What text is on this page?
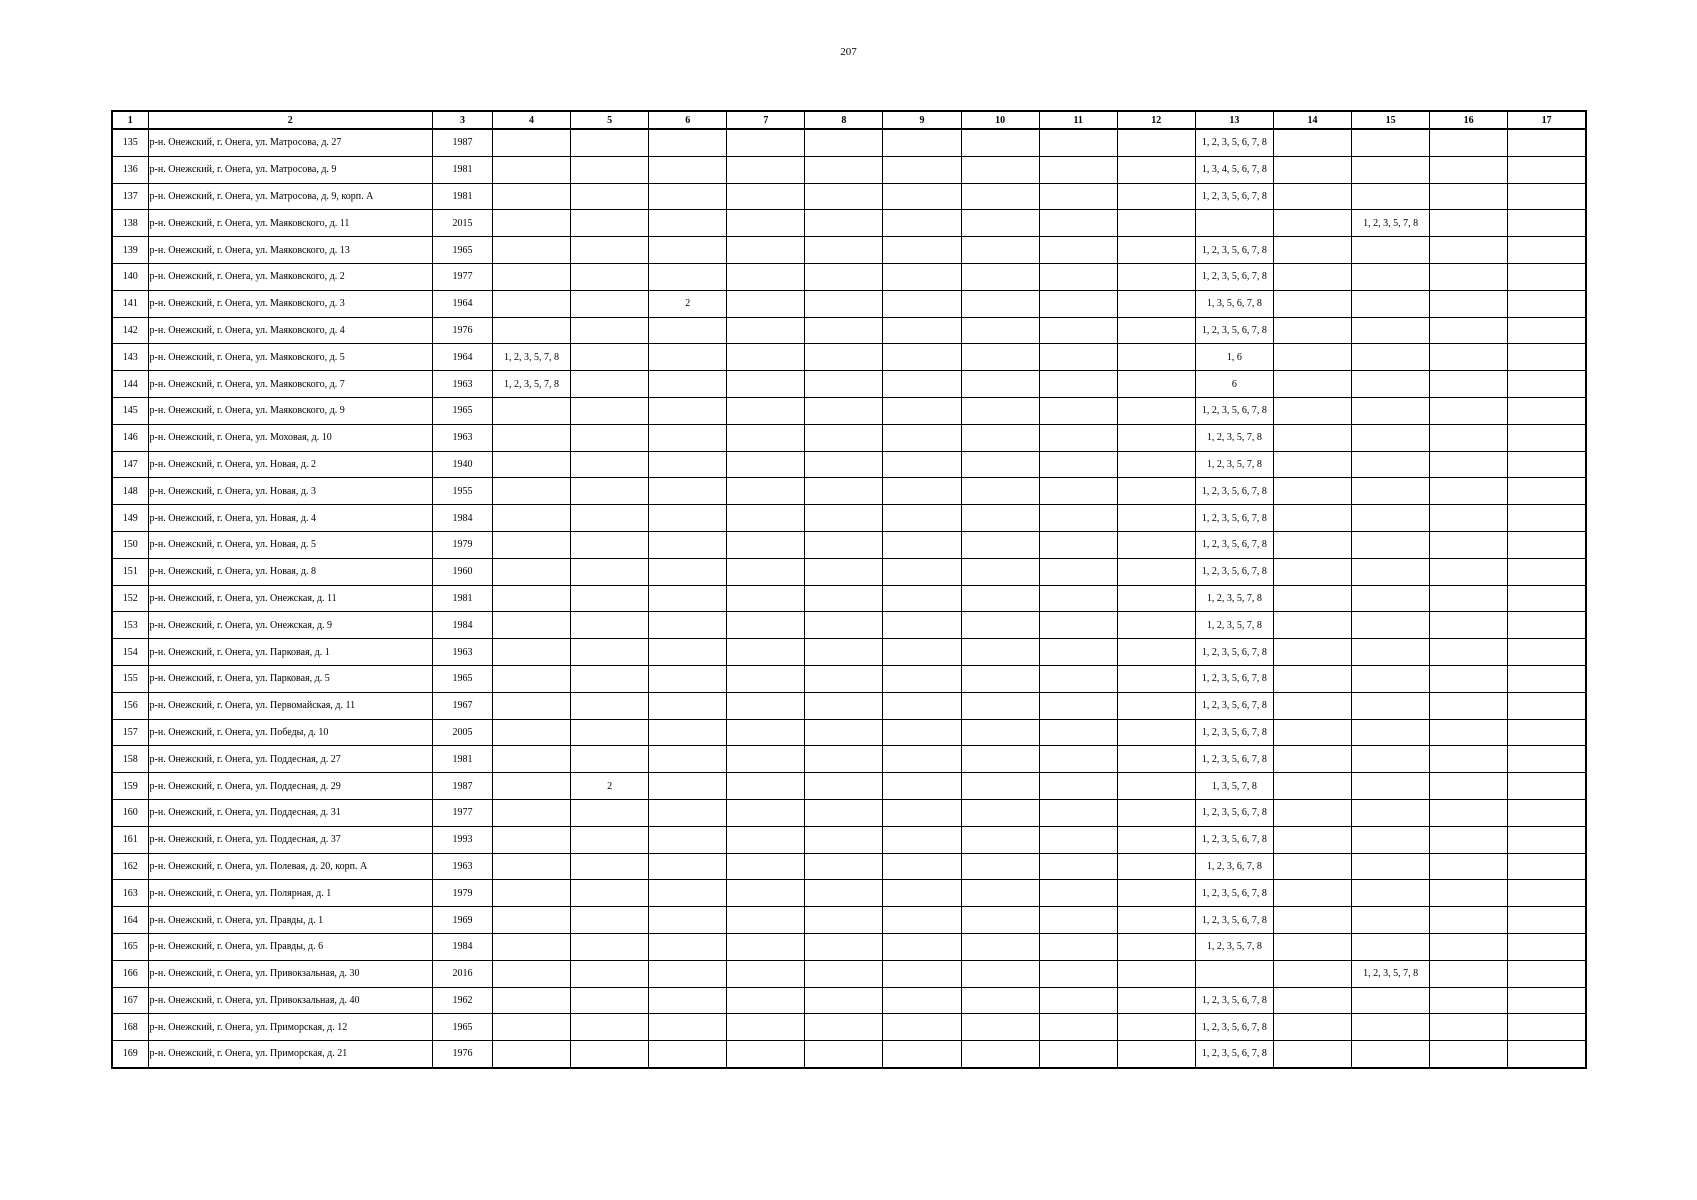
207
1	2	3	4	5	6	7	8	9	10	11	12	13	14	15	16	17
135	р-н. Онежский, г. Онега, ул. Матросова, д. 27	1987										1, 2, 3, 5, 6, 7, 8				
136	р-н. Онежский, г. Онега, ул. Матросова, д. 9	1981										1, 3, 4, 5, 6, 7, 8				
137	р-н. Онежский, г. Онега, ул. Матросова, д. 9, корп. А	1981										1, 2, 3, 5, 6, 7, 8				
138	р-н. Онежский, г. Онега, ул. Маяковского, д. 11	2015												1, 2, 3, 5, 7, 8		
139	р-н. Онежский, г. Онега, ул. Маяковского, д. 13	1965										1, 2, 3, 5, 6, 7, 8				
140	р-н. Онежский, г. Онега, ул. Маяковского, д. 2	1977										1, 2, 3, 5, 6, 7, 8				
141	р-н. Онежский, г. Онега, ул. Маяковского, д. 3	1964			2							1, 3, 5, 6, 7, 8				
142	р-н. Онежский, г. Онега, ул. Маяковского, д. 4	1976										1, 2, 3, 5, 6, 7, 8				
143	р-н. Онежский, г. Онега, ул. Маяковского, д. 5	1964	1, 2, 3, 5, 7, 8									1, 6				
144	р-н. Онежский, г. Онега, ул. Маяковского, д. 7	1963	1, 2, 3, 5, 7, 8									6				
145	р-н. Онежский, г. Онега, ул. Маяковского, д. 9	1965										1, 2, 3, 5, 6, 7, 8				
146	р-н. Онежский, г. Онега, ул. Моховая, д. 10	1963										1, 2, 3, 5, 7, 8				
147	р-н. Онежский, г. Онега, ул. Новая, д. 2	1940										1, 2, 3, 5, 7, 8				
148	р-н. Онежский, г. Онега, ул. Новая, д. 3	1955										1, 2, 3, 5, 6, 7, 8				
149	р-н. Онежский, г. Онега, ул. Новая, д. 4	1984										1, 2, 3, 5, 6, 7, 8				
150	р-н. Онежский, г. Онега, ул. Новая, д. 5	1979										1, 2, 3, 5, 6, 7, 8				
151	р-н. Онежский, г. Онега, ул. Новая, д. 8	1960										1, 2, 3, 5, 6, 7, 8				
152	р-н. Онежский, г. Онега, ул. Онежская, д. 11	1981										1, 2, 3, 5, 7, 8				
153	р-н. Онежский, г. Онега, ул. Онежская, д. 9	1984										1, 2, 3, 5, 7, 8				
154	р-н. Онежский, г. Онега, ул. Парковая, д. 1	1963										1, 2, 3, 5, 6, 7, 8				
155	р-н. Онежский, г. Онега, ул. Парковая, д. 5	1965										1, 2, 3, 5, 6, 7, 8				
156	р-н. Онежский, г. Онега, ул. Первомайская, д. 11	1967										1, 2, 3, 5, 6, 7, 8				
157	р-н. Онежский, г. Онега, ул. Победы, д. 10	2005										1, 2, 3, 5, 6, 7, 8				
158	р-н. Онежский, г. Онега, ул. Поддесная, д. 27	1981										1, 2, 3, 5, 6, 7, 8				
159	р-н. Онежский, г. Онега, ул. Поддесная, д. 29	1987		2								1, 3, 5, 7, 8				
160	р-н. Онежский, г. Онега, ул. Поддесная, д. 31	1977										1, 2, 3, 5, 6, 7, 8				
161	р-н. Онежский, г. Онега, ул. Поддесная, д. 37	1993										1, 2, 3, 5, 6, 7, 8				
162	р-н. Онежский, г. Онега, ул. Полевая, д. 20, корп. А	1963										1, 2, 3, 6, 7, 8				
163	р-н. Онежский, г. Онега, ул. Полярная, д. 1	1979										1, 2, 3, 5, 6, 7, 8				
164	р-н. Онежский, г. Онега, ул. Правды, д. 1	1969										1, 2, 3, 5, 6, 7, 8				
165	р-н. Онежский, г. Онега, ул. Правды, д. 6	1984										1, 2, 3, 5, 7, 8				
166	р-н. Онежский, г. Онега, ул. Привокзальная, д. 30	2016												1, 2, 3, 5, 7, 8		
167	р-н. Онежский, г. Онега, ул. Привокзальная, д. 40	1962										1, 2, 3, 5, 6, 7, 8				
168	р-н. Онежский, г. Онега, ул. Приморская, д. 12	1965										1, 2, 3, 5, 6, 7, 8				
169	р-н. Онежский, г. Онега, ул. Приморская, д. 21	1976										1, 2, 3, 5, 6, 7, 8				
